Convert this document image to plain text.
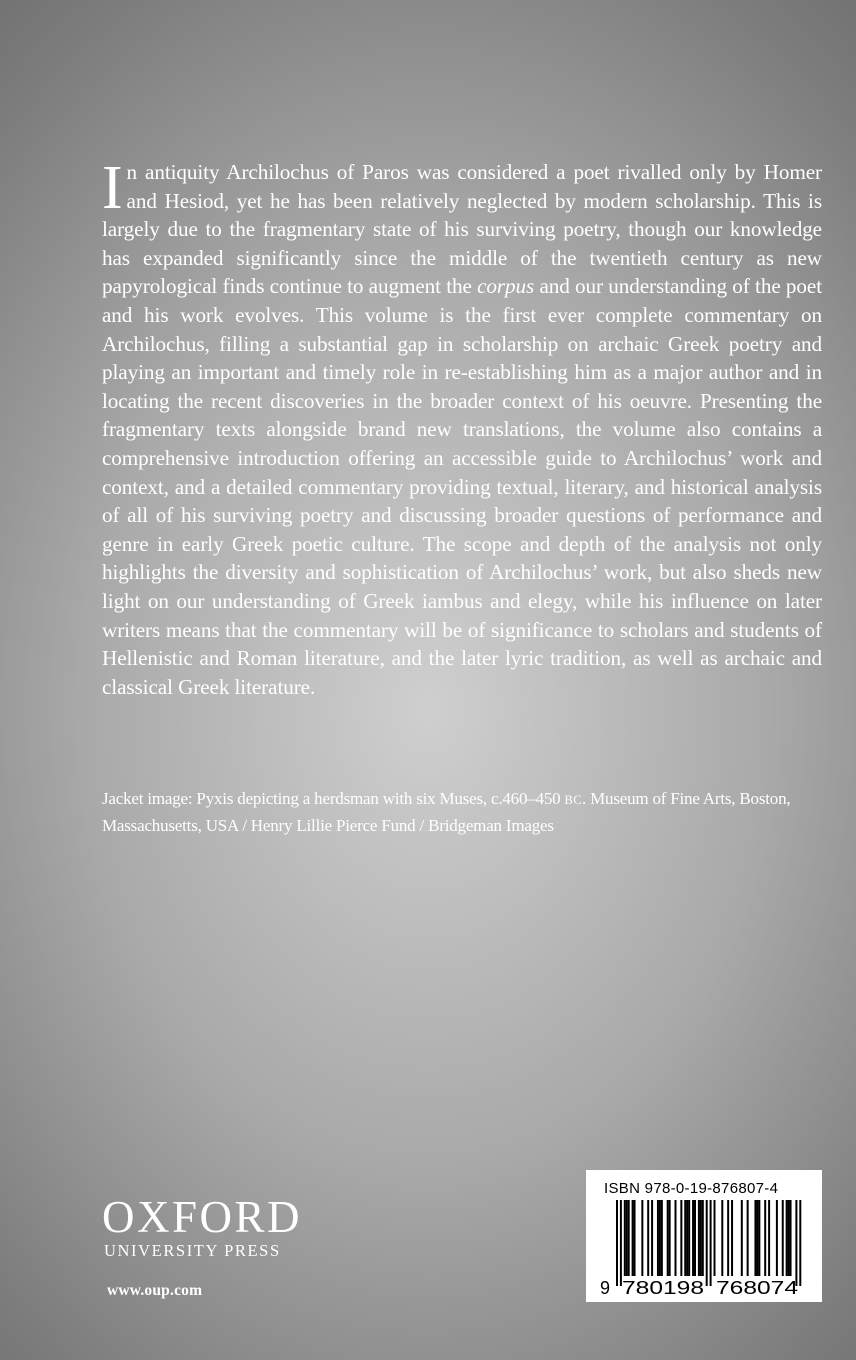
In antiquity Archilochus of Paros was considered a poet rivalled only by Homer and Hesiod, yet he has been relatively neglected by modern scholarship. This is largely due to the fragmentary state of his surviving poetry, though our knowledge has expanded significantly since the middle of the twentieth century as new papyrological finds continue to augment the corpus and our understanding of the poet and his work evolves. This volume is the first ever complete commentary on Archilochus, filling a substantial gap in scholarship on archaic Greek poetry and playing an important and timely role in re-establishing him as a major author and in locating the recent discoveries in the broader context of his oeuvre. Presenting the fragmentary texts alongside brand new translations, the volume also contains a comprehensive introduction offering an accessible guide to Archilochus’ work and context, and a detailed commentary providing textual, literary, and historical analysis of all of his surviving poetry and discussing broader questions of performance and genre in early Greek poetic culture. The scope and depth of the analysis not only highlights the diversity and sophistication of Archilochus’ work, but also sheds new light on our understanding of Greek iambus and elegy, while his influence on later writers means that the commentary will be of significance to scholars and students of Hellenistic and Roman literature, and the later lyric tradition, as well as archaic and classical Greek literature.
Jacket image: Pyxis depicting a herdsman with six Muses, c.460–450 BC. Museum of Fine Arts, Boston, Massachusetts, USA / Henry Lillie Pierce Fund / Bridgeman Images
OXFORD
UNIVERSITY PRESS
www.oup.com
ISBN 978-0-19-876807-4
9 780198 768074
